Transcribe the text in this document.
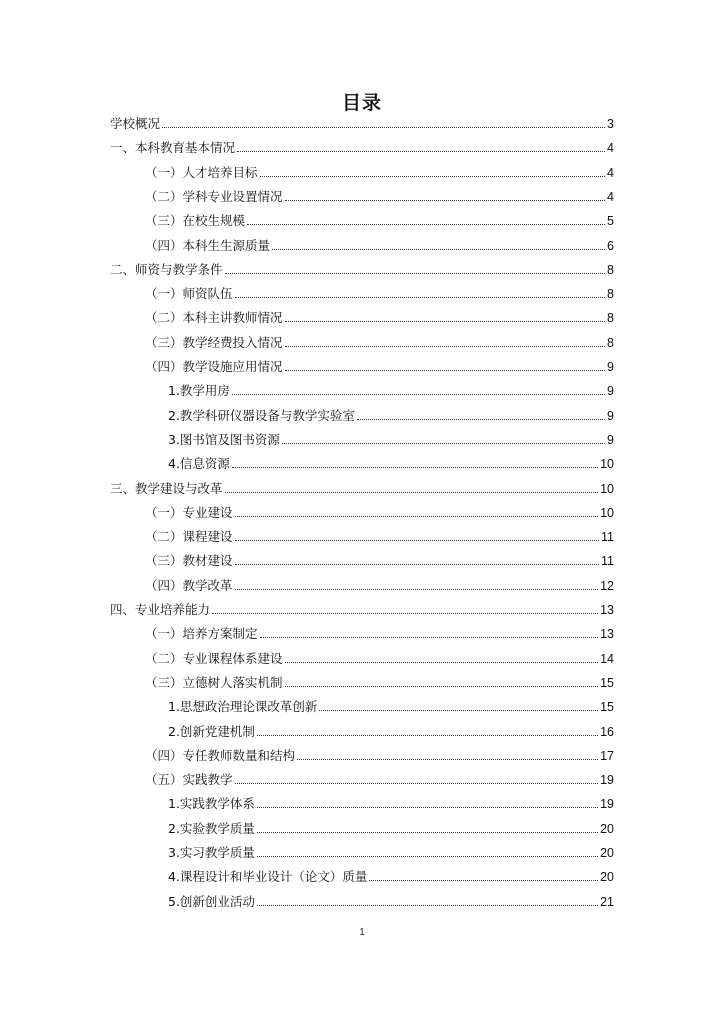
目录
学校概况	3
一、本科教育基本情况	4
（一）人才培养目标	4
（二）学科专业设置情况	4
（三）在校生规模	5
（四）本科生生源质量	6
二、师资与教学条件	8
（一）师资队伍	8
（二）本科主讲教师情况	8
（三）教学经费投入情况	8
（四）教学设施应用情况	9
1.教学用房	9
2.教学科研仪器设备与教学实验室	9
3.图书馆及图书资源	9
4.信息资源	10
三、教学建设与改革	10
（一）专业建设	10
（二）课程建设	11
（三）教材建设	11
（四）教学改革	12
四、专业培养能力	13
（一）培养方案制定	13
（二）专业课程体系建设	14
（三）立德树人落实机制	15
1.思想政治理论课改革创新	15
2.创新党建机制	16
（四）专任教师数量和结构	17
（五）实践教学	19
1.实践教学体系	19
2.实验教学质量	20
3.实习教学质量	20
4.课程设计和毕业设计（论文）质量	20
5.创新创业活动	21
1
